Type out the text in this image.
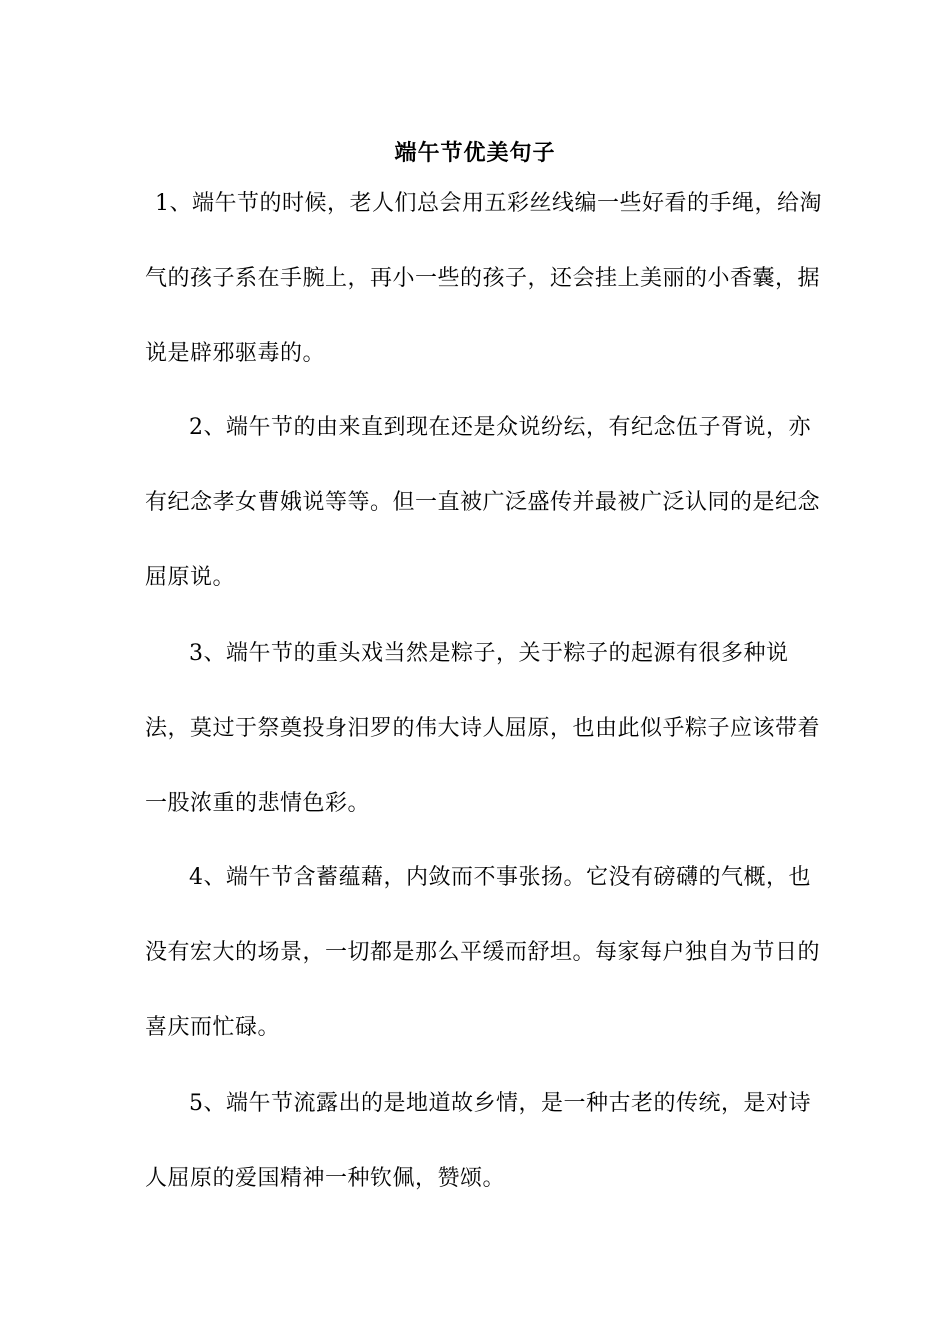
端午节优美句子

1、端午节的时候，老人们总会用五彩丝线编一些好看的手绳，给淘气的孩子系在手腕上，再小一些的孩子，还会挂上美丽的小香囊，据说是辟邪驱毒的。

2、端午节的由来直到现在还是众说纷纭，有纪念伍子胥说，亦有纪念孝女曹娥说等等。但一直被广泛盛传并最被广泛认同的是纪念屈原说。

3、端午节的重头戏当然是粽子，关于粽子的起源有很多种说法，莫过于祭奠投身汨罗的伟大诗人屈原，也由此似乎粽子应该带着一股浓重的悲情色彩。

4、端午节含蓄蕴藉，内敛而不事张扬。它没有磅礴的气概，也没有宏大的场景，一切都是那么平缓而舒坦。每家每户独自为节日的喜庆而忙碌。

5、端午节流露出的是地道故乡情，是一种古老的传统，是对诗人屈原的爱国精神一种钦佩，赞颂。
